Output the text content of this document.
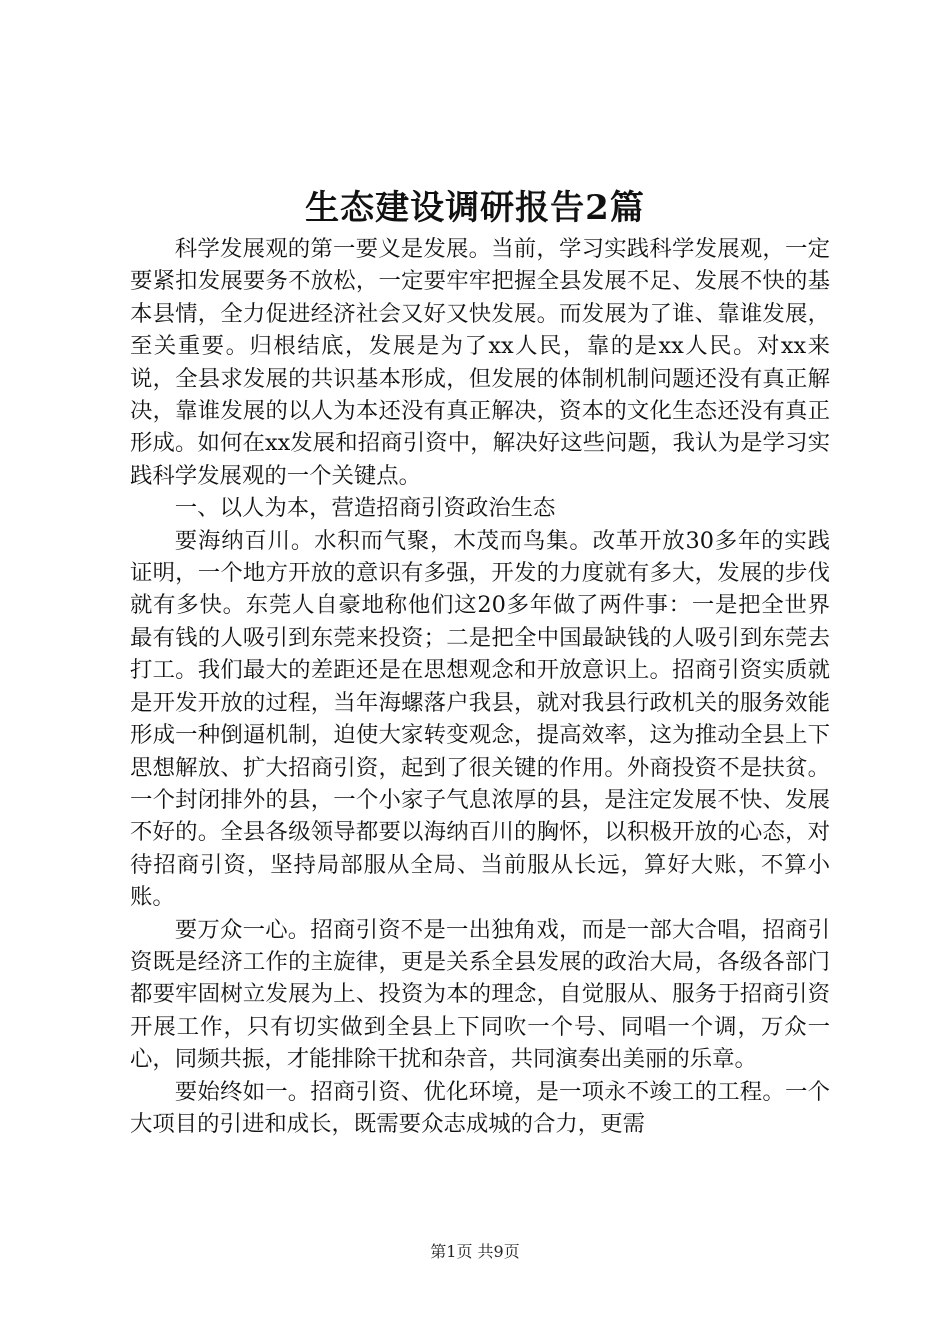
生态建设调研报告2篇

科学发展观的第一要义是发展。当前，学习实践科学发展观，一定要紧扣发展要务不放松，一定要牢牢把握全县发展不足、发展不快的基本县情，全力促进经济社会又好又快发展。而发展为了谁、靠谁发展，至关重要。归根结底，发展是为了xx人民，靠的是xx人民。对xx来说，全县求发展的共识基本形成，但发展的体制机制问题还没有真正解决，靠谁发展的以人为本还没有真正解决，资本的文化生态还没有真正形成。如何在xx发展和招商引资中，解决好这些问题，我认为是学习实践科学发展观的一个关键点。

一、以人为本，营造招商引资政治生态

要海纳百川。水积而气聚，木茂而鸟集。改革开放30多年的实践证明，一个地方开放的意识有多强，开发的力度就有多大，发展的步伐就有多快。东莞人自豪地称他们这20多年做了两件事：一是把全世界最有钱的人吸引到东莞来投资；二是把全中国最缺钱的人吸引到东莞去打工。我们最大的差距还是在思想观念和开放意识上。招商引资实质就是开发开放的过程，当年海螺落户我县，就对我县行政机关的服务效能形成一种倒逼机制，迫使大家转变观念，提高效率，这为推动全县上下思想解放、扩大招商引资，起到了很关键的作用。外商投资不是扶贫。一个封闭排外的县，一个小家子气息浓厚的县，是注定发展不快、发展不好的。全县各级领导都要以海纳百川的胸怀，以积极开放的心态，对待招商引资，坚持局部服从全局、当前服从长远，算好大账，不算小账。

要万众一心。招商引资不是一出独角戏，而是一部大合唱，招商引资既是经济工作的主旋律，更是关系全县发展的政治大局，各级各部门都要牢固树立发展为上、投资为本的理念，自觉服从、服务于招商引资开展工作，只有切实做到全县上下同吹一个号、同唱一个调，万众一心，同频共振，才能排除干扰和杂音，共同演奏出美丽的乐章。

要始终如一。招商引资、优化环境，是一项永不竣工的工程。一个大项目的引进和成长，既需要众志成城的合力，更需

第1页 共9页
